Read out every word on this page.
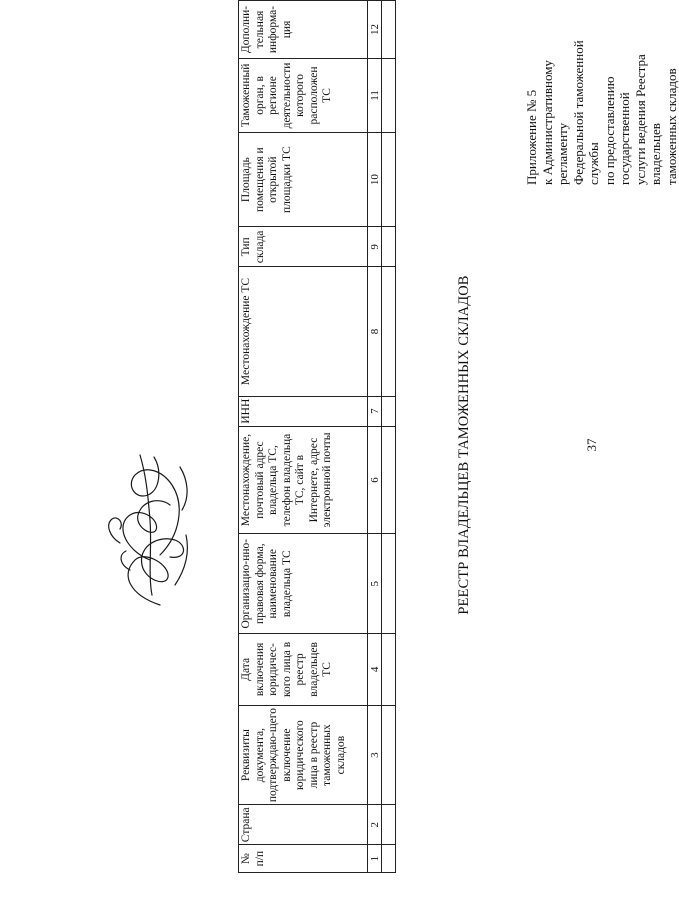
37
Приложение № 5 к Административному регламенту Федеральной таможенной службы по предоставлению государственной услуги ведения Реестра владельцев таможенных складов
РЕЕСТР ВЛАДЕЛЬЦЕВ ТАМОЖЕННЫХ СКЛАДОВ
№ п/п	Страна	Реквизиты документа, подтверждаю-щего включение юридического лица в реестр таможенных складов	Дата включения юридичес-кого лица в реестр владельцев ТС	Организацио-нно-правовая форма, наименование владельца ТС	Местонахождение, почтовый адрес владельца ТС, телефон владельца ТС, сайт в Интернете, адрес электронной почты	ИНН	Местонахождение ТС	Тип склада	Площадь помещения и открытой площадки ТС	Таможенный орган, в регионе деятельности которого расположен ТС	Дополни-тельная информа-ция
1	2	3	4	5	6	7	8	9	10	11	12
